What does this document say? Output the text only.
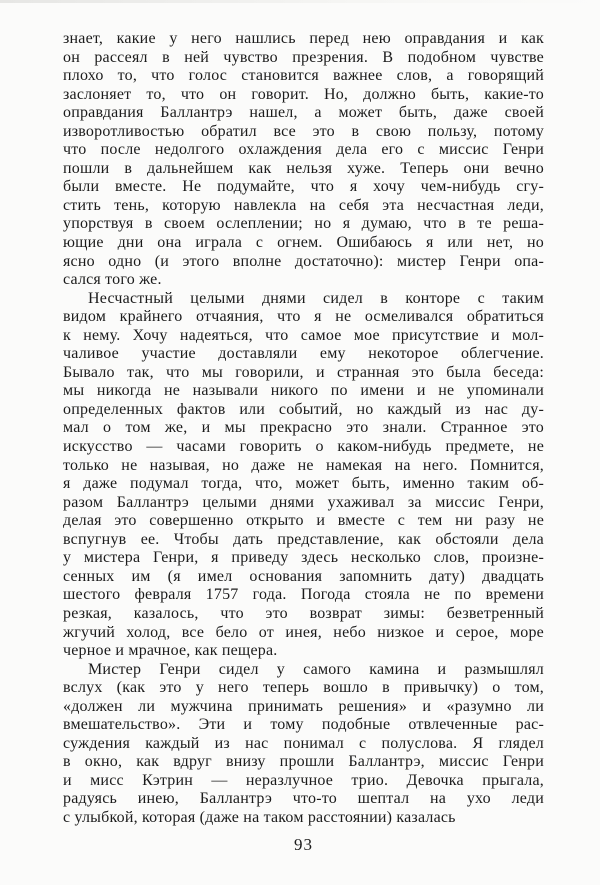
знает, какие у него нашлись перед нею оправдания и как
он рассеял в ней чувство презрения. В подобном чувстве
плохо то, что голос становится важнее слов, а говорящий
заслоняет то, что он говорит. Но, должно быть, какие-то
оправдания Баллантрэ нашел, а может быть, даже своей
изворотливостью обратил все это в свою пользу, потому
что после недолгого охлаждения дела его с миссис Генри
пошли в дальнейшем как нельзя хуже. Теперь они вечно
были вместе. Не подумайте, что я хочу чем-нибудь сгу-
стить тень, которую навлекла на себя эта несчастная леди,
упорствуя в своем ослеплении; но я думаю, что в те реша-
ющие дни она играла с огнем. Ошибаюсь я или нет, но
ясно одно (и этого вполне достаточно): мистер Генри опа-
сался того же.
Несчастный целыми днями сидел в конторе с таким
видом крайнего отчаяния, что я не осмеливался обратиться
к нему. Хочу надеяться, что самое мое присутствие и мол-
чаливое участие доставляли ему некоторое облегчение.
Бывало так, что мы говорили, и странная это была беседа:
мы никогда не называли никого по имени и не упоминали
определенных фактов или событий, но каждый из нас ду-
мал о том же, и мы прекрасно это знали. Странное это
искусство — часами говорить о каком-нибудь предмете, не
только не называя, но даже не намекая на него. Помнится,
я даже подумал тогда, что, может быть, именно таким об-
разом Баллантрэ целыми днями ухаживал за миссис Генри,
делая это совершенно открыто и вместе с тем ни разу не
вспугнув ее. Чтобы дать представление, как обстояли дела
у мистера Генри, я приведу здесь несколько слов, произне-
сенных им (я имел основания запомнить дату) двадцать
шестого февраля 1757 года. Погода стояла не по времени
резкая, казалось, что это возврат зимы: безветренный
жгучий холод, все бело от инея, небо низкое и серое, море
черное и мрачное, как пещера.
Мистер Генри сидел у самого камина и размышлял
вслух (как это у него теперь вошло в привычку) о том,
«должен ли мужчина принимать решения» и «разумно ли
вмешательство». Эти и тому подобные отвлеченные рас-
суждения каждый из нас понимал с полуслова. Я глядел
в окно, как вдруг внизу прошли Баллантрэ, миссис Генри
и мисс Кэтрин — неразлучное трио. Девочка прыгала,
радуясь инею, Баллантрэ что-то шептал на ухо леди
с улыбкой, которая (даже на таком расстоянии) казалась
93
